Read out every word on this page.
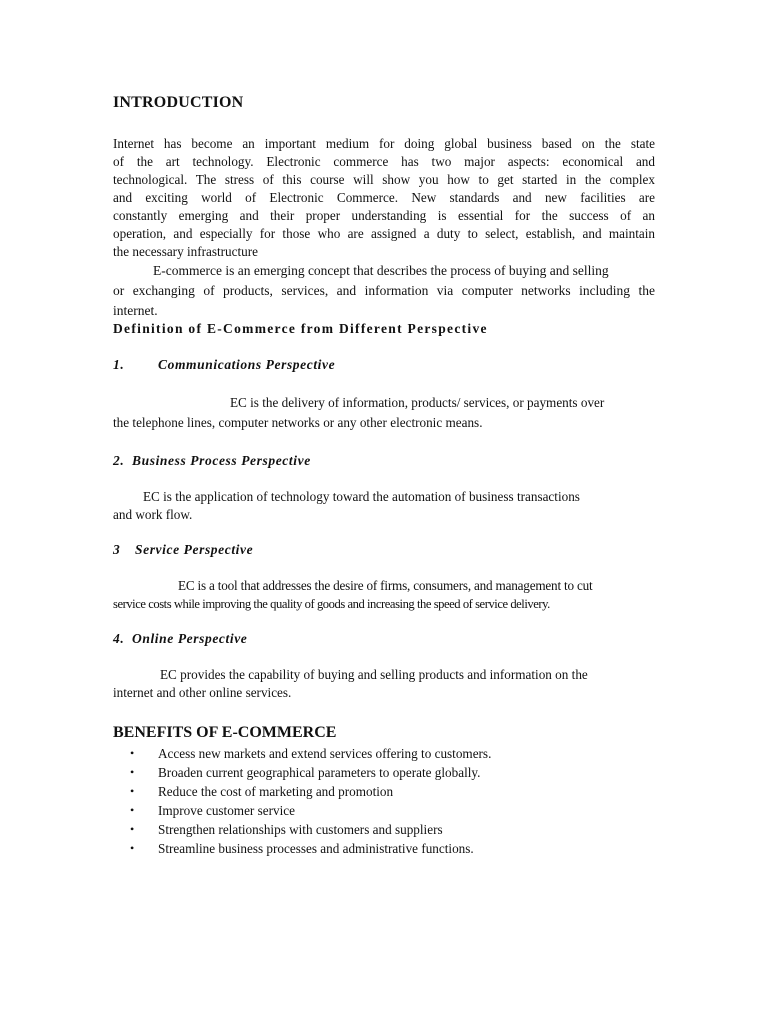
INTRODUCTION
Internet has become an important medium for doing global business based on the state
of the art technology. Electronic commerce has two major aspects: economical and
technological. The stress of this course will show you how to get started in the complex
and exciting world of Electronic Commerce. New standards and new facilities are
constantly emerging and their proper understanding is essential for the success of an
operation, and especially for those who are assigned a duty to select, establish, and maintain
the necessary infrastructure
E-commerce is an emerging concept that describes the process of buying and selling
or exchanging of products, services, and information via computer networks including the
internet.
Definition of E-Commerce from Different Perspective
1. Communications Perspective
EC is the delivery of information, products/ services, or payments over
the telephone lines, computer networks or any other electronic means.
2. Business Process Perspective
EC is the application of technology toward the automation of business transactions
and work flow.
3 Service Perspective
EC is a tool that addresses the desire of firms, consumers, and management to cut
service costs while improving the quality of goods and increasing the speed of service delivery.
4. Online Perspective
EC provides the capability of buying and selling products and information on the
internet and other online services.
BENEFITS OF E-COMMERCE
• Access new markets and extend services offering to customers.
• Broaden current geographical parameters to operate globally.
• Reduce the cost of marketing and promotion
• Improve customer service
• Strengthen relationships with customers and suppliers
• Streamline business processes and administrative functions.
